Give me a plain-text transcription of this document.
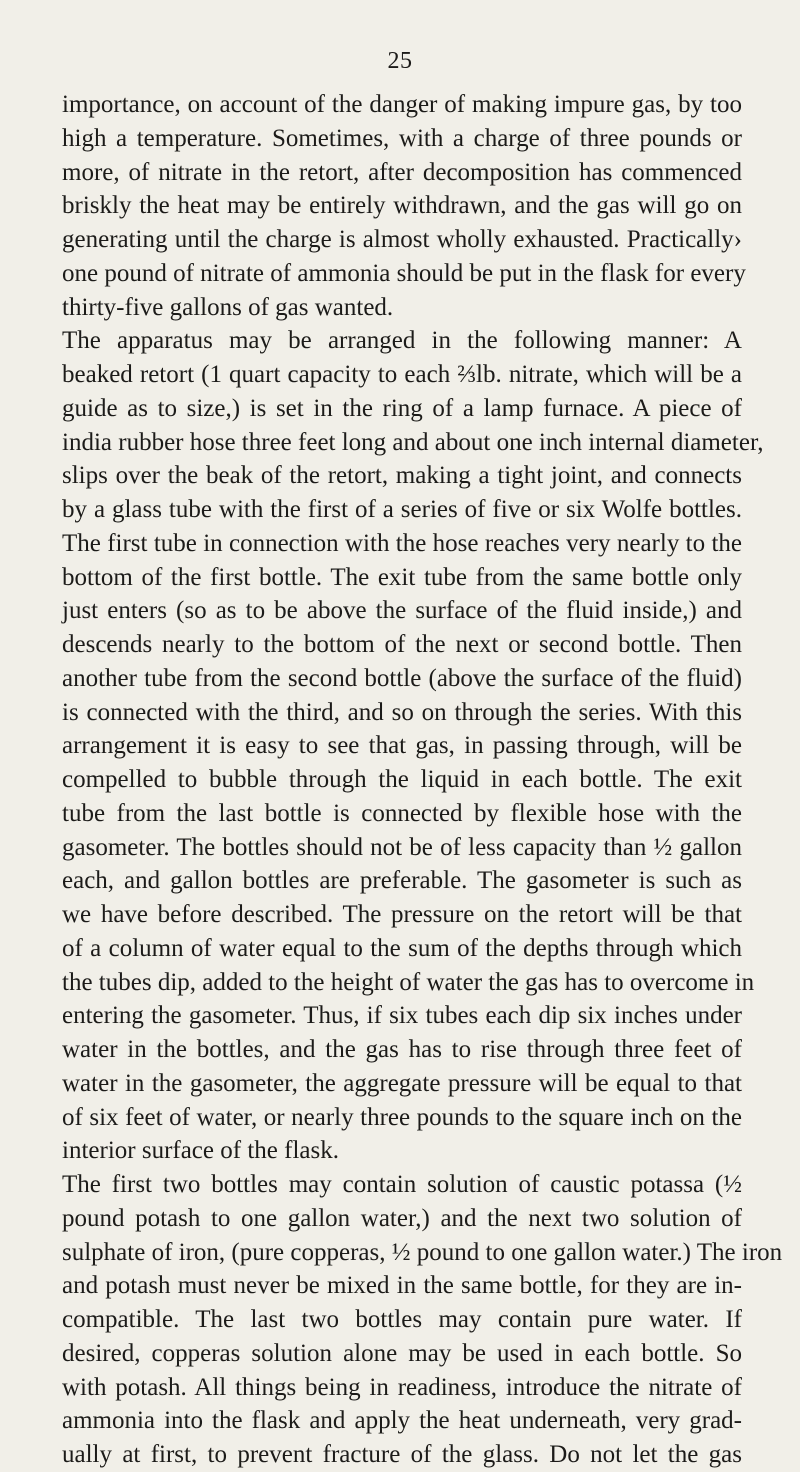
25
importance, on account of the danger of making impure gas, by too
high a temperature. Sometimes, with a charge of three pounds or
more, of nitrate in the retort, after decomposition has commenced
briskly the heat may be entirely withdrawn, and the gas will go on
generating until the charge is almost wholly exhausted. Practically›
one pound of nitrate of ammonia should be put in the flask for every
thirty-five gallons of gas wanted.
The apparatus may be arranged in the following manner: A
beaked retort (1 quart capacity to each ⅔lb. nitrate, which will be a
guide as to size,) is set in the ring of a lamp furnace. A piece of
india rubber hose three feet long and about one inch internal diameter,
slips over the beak of the retort, making a tight joint, and connects
by a glass tube with the first of a series of five or six Wolfe bottles.
The first tube in connection with the hose reaches very nearly to the
bottom of the first bottle. The exit tube from the same bottle only
just enters (so as to be above the surface of the fluid inside,) and
descends nearly to the bottom of the next or second bottle. Then
another tube from the second bottle (above the surface of the fluid)
is connected with the third, and so on through the series. With this
arrangement it is easy to see that gas, in passing through, will be
compelled to bubble through the liquid in each bottle. The exit
tube from the last bottle is connected by flexible hose with the
gasometer. The bottles should not be of less capacity than ½ gallon
each, and gallon bottles are preferable. The gasometer is such as
we have before described. The pressure on the retort will be that
of a column of water equal to the sum of the depths through which
the tubes dip, added to the height of water the gas has to overcome in
entering the gasometer. Thus, if six tubes each dip six inches under
water in the bottles, and the gas has to rise through three feet of
water in the gasometer, the aggregate pressure will be equal to that
of six feet of water, or nearly three pounds to the square inch on the
interior surface of the flask.
The first two bottles may contain solution of caustic potassa (½
pound potash to one gallon water,) and the next two solution of
sulphate of iron, (pure copperas, ½ pound to one gallon water.) The iron
and potash must never be mixed in the same bottle, for they are in-
compatible. The last two bottles may contain pure water. If
desired, copperas solution alone may be used in each bottle. So
with potash. All things being in readiness, introduce the nitrate of
ammonia into the flask and apply the heat underneath, very grad-
ually at first, to prevent fracture of the glass. Do not let the gas
